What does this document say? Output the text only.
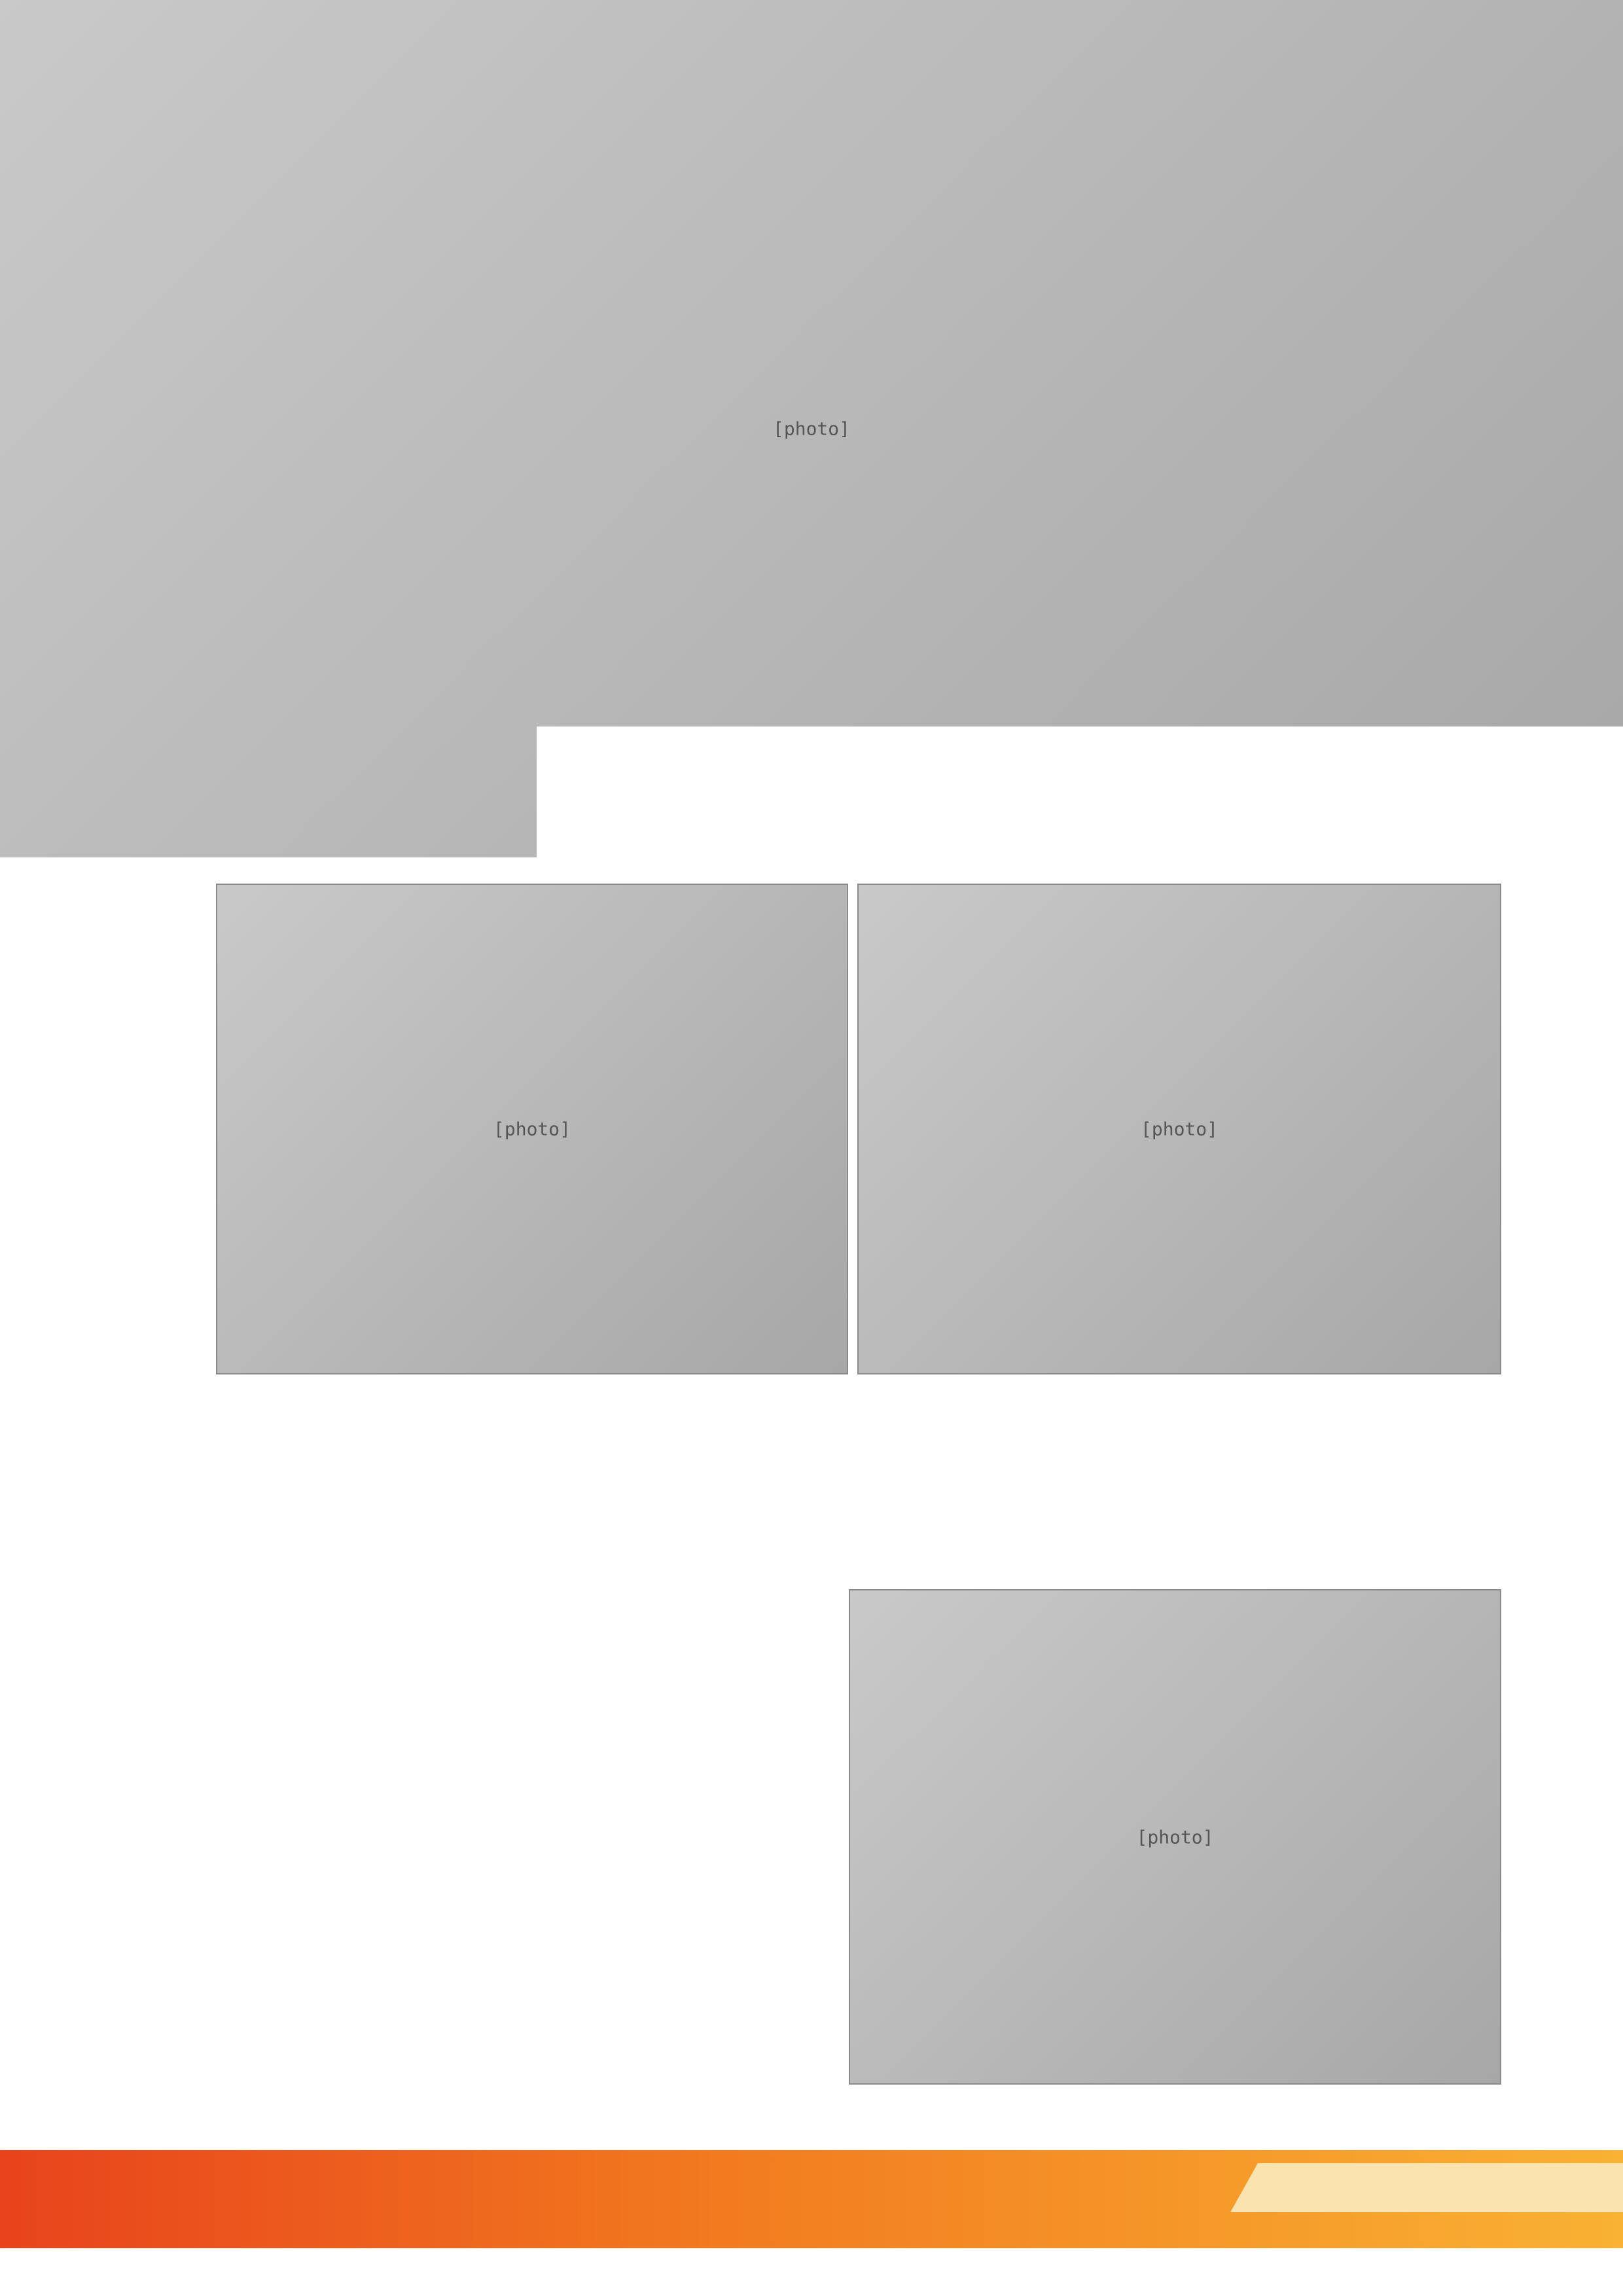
[photo]
[photo]	[photo]

[photo]
